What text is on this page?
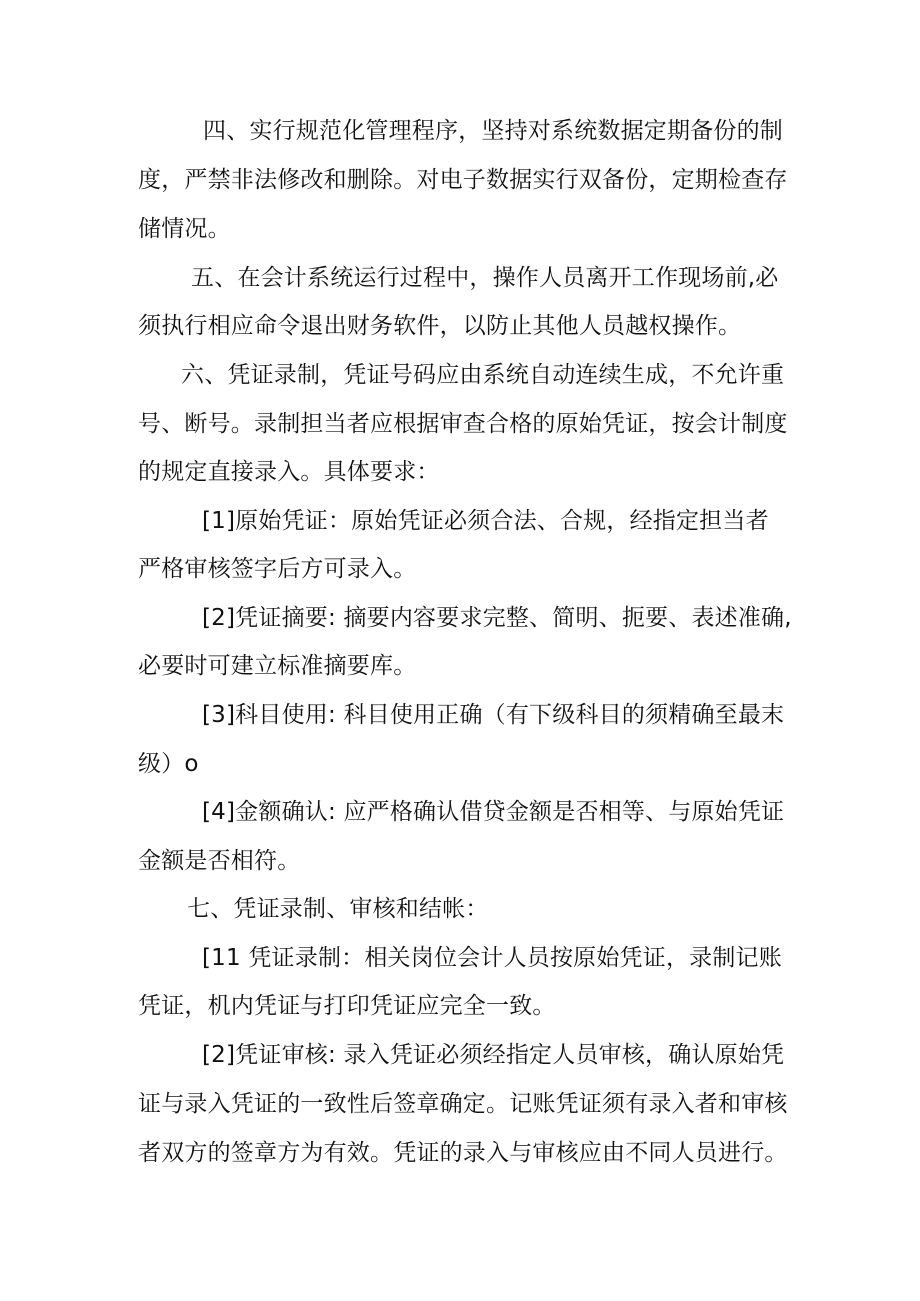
四、实行规范化管理程序，坚持对系统数据定期备份的制
度，严禁非法修改和删除。对电子数据实行双备份，定期检查存
储情况。
五、在会计系统运行过程中，操作人员离开工作现场前,必
须执行相应命令退出财务软件，以防止其他人员越权操作。
六、凭证录制，凭证号码应由系统自动连续生成，不允许重
号、断号。录制担当者应根据审查合格的原始凭证，按会计制度
的规定直接录入。具体要求：
[1]原始凭证：原始凭证必须合法、合规，经指定担当者
严格审核签字后方可录入。
[2]凭证摘要: 摘要内容要求完整、简明、扼要、表述准确,
必要时可建立标准摘要库。
[3]科目使用: 科目使用正确（有下级科目的须精确至最末
级）o
[4]金额确认: 应严格确认借贷金额是否相等、与原始凭证
金额是否相符。
七、凭证录制、审核和结帐：
[11 凭证录制：相关岗位会计人员按原始凭证，录制记账
凭证，机内凭证与打印凭证应完全一致。
[2]凭证审核: 录入凭证必须经指定人员审核，确认原始凭
证与录入凭证的一致性后签章确定。记账凭证须有录入者和审核
者双方的签章方为有效。凭证的录入与审核应由不同人员进行。
